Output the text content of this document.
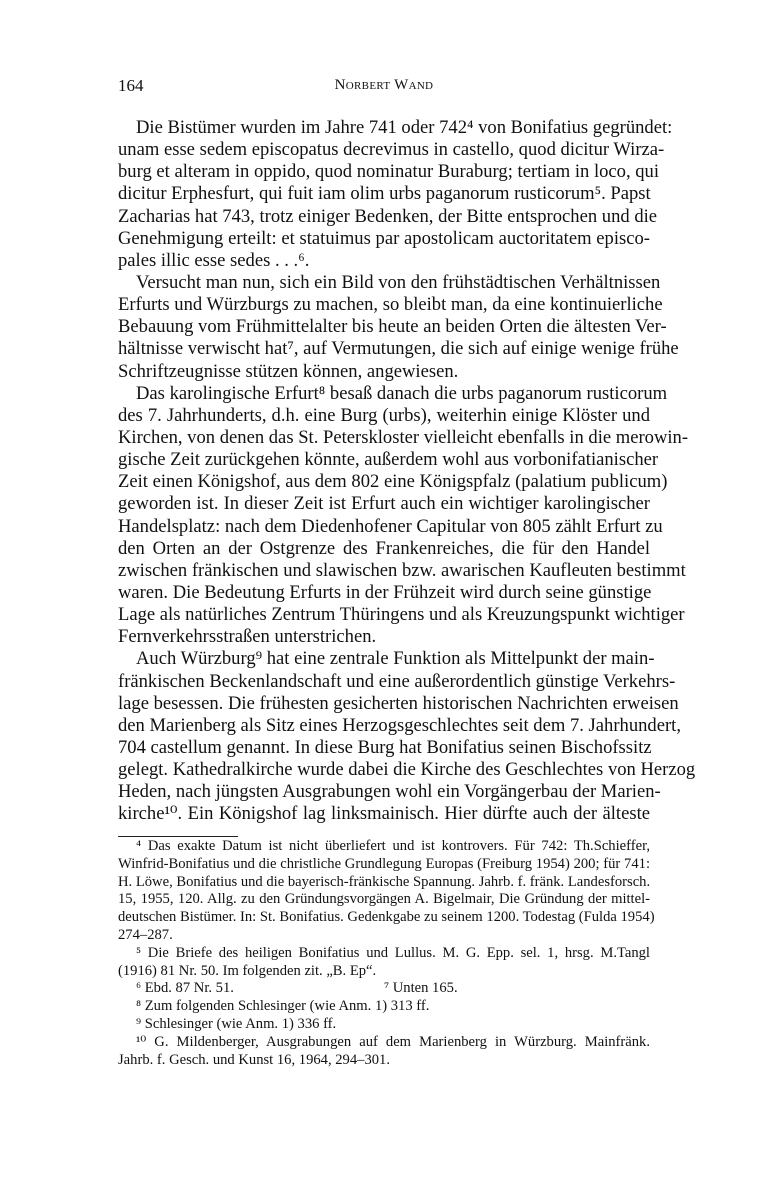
164	Norbert Wand
Die Bistümer wurden im Jahre 741 oder 742⁴ von Bonifatius gegründet:
unam esse sedem episcopatus decrevimus in castello, quod dicitur Wirza-
burg et alteram in oppido, quod nominatur Buraburg; tertiam in loco, qui
dicitur Erphesfurt, qui fuit iam olim urbs paganorum rusticorum⁵. Papst
Zacharias hat 743, trotz einiger Bedenken, der Bitte entsprochen und die
Genehmigung erteilt: et statuimus par apostolicam auctoritatem episco-
pales illic esse sedes . . .⁶.
Versucht man nun, sich ein Bild von den frühstädtischen Verhältnissen
Erfurts und Würzburgs zu machen, so bleibt man, da eine kontinuierliche
Bebauung vom Frühmittelalter bis heute an beiden Orten die ältesten Ver-
hältnisse verwischt hat⁷, auf Vermutungen, die sich auf einige wenige frühe
Schriftzeugnisse stützen können, angewiesen.
Das karolingische Erfurt⁸ besaß danach die urbs paganorum rusticorum
des 7. Jahrhunderts, d.h. eine Burg (urbs), weiterhin einige Klöster und
Kirchen, von denen das St. Peterskloster vielleicht ebenfalls in die merowin-
gische Zeit zurückgehen könnte, außerdem wohl aus vorbonifatianischer
Zeit einen Königshof, aus dem 802 eine Königspfalz (palatium publicum)
geworden ist. In dieser Zeit ist Erfurt auch ein wichtiger karolingischer
Handelsplatz: nach dem Diedenhofener Capitular von 805 zählt Erfurt zu
den Orten an der Ostgrenze des Frankenreiches, die für den Handel
zwischen fränkischen und slawischen bzw. awarischen Kaufleuten bestimmt
waren. Die Bedeutung Erfurts in der Frühzeit wird durch seine günstige
Lage als natürliches Zentrum Thüringens und als Kreuzungspunkt wichtiger
Fernverkehrsstraßen unterstrichen.
Auch Würzburg⁹ hat eine zentrale Funktion als Mittelpunkt der main-
fränkischen Beckenlandschaft und eine außerordentlich günstige Verkehrs-
lage besessen. Die frühesten gesicherten historischen Nachrichten erweisen
den Marienberg als Sitz eines Herzogsgeschlechtes seit dem 7. Jahrhundert,
704 castellum genannt. In diese Burg hat Bonifatius seinen Bischofssitz
gelegt. Kathedralkirche wurde dabei die Kirche des Geschlechtes von Herzog
Heden, nach jüngsten Ausgrabungen wohl ein Vorgängerbau der Marien-
kirche¹⁰. Ein Königshof lag linksmainisch. Hier dürfte auch der älteste
⁴ Das exakte Datum ist nicht überliefert und ist kontrovers. Für 742: Th.Schieffer,
Winfrid-Bonifatius und die christliche Grundlegung Europas (Freiburg 1954) 200; für 741:
H. Löwe, Bonifatius und die bayerisch-fränkische Spannung. Jahrb. f. fränk. Landesforsch.
15, 1955, 120. Allg. zu den Gründungsvorgängen A. Bigelmair, Die Gründung der mittel-
deutschen Bistümer. In: St. Bonifatius. Gedenkgabe zu seinem 1200. Todestag (Fulda 1954)
274–287.
⁵ Die Briefe des heiligen Bonifatius und Lullus. M. G. Epp. sel. 1, hrsg. M.Tangl
(1916) 81 Nr. 50. Im folgenden zit. „B. Ep“.
⁶ Ebd. 87 Nr. 51.	⁷ Unten 165.
⁸ Zum folgenden Schlesinger (wie Anm. 1) 313 ff.
⁹ Schlesinger (wie Anm. 1) 336 ff.
¹⁰ G. Mildenberger, Ausgrabungen auf dem Marienberg in Würzburg. Mainfränk.
Jahrb. f. Gesch. und Kunst 16, 1964, 294–301.
